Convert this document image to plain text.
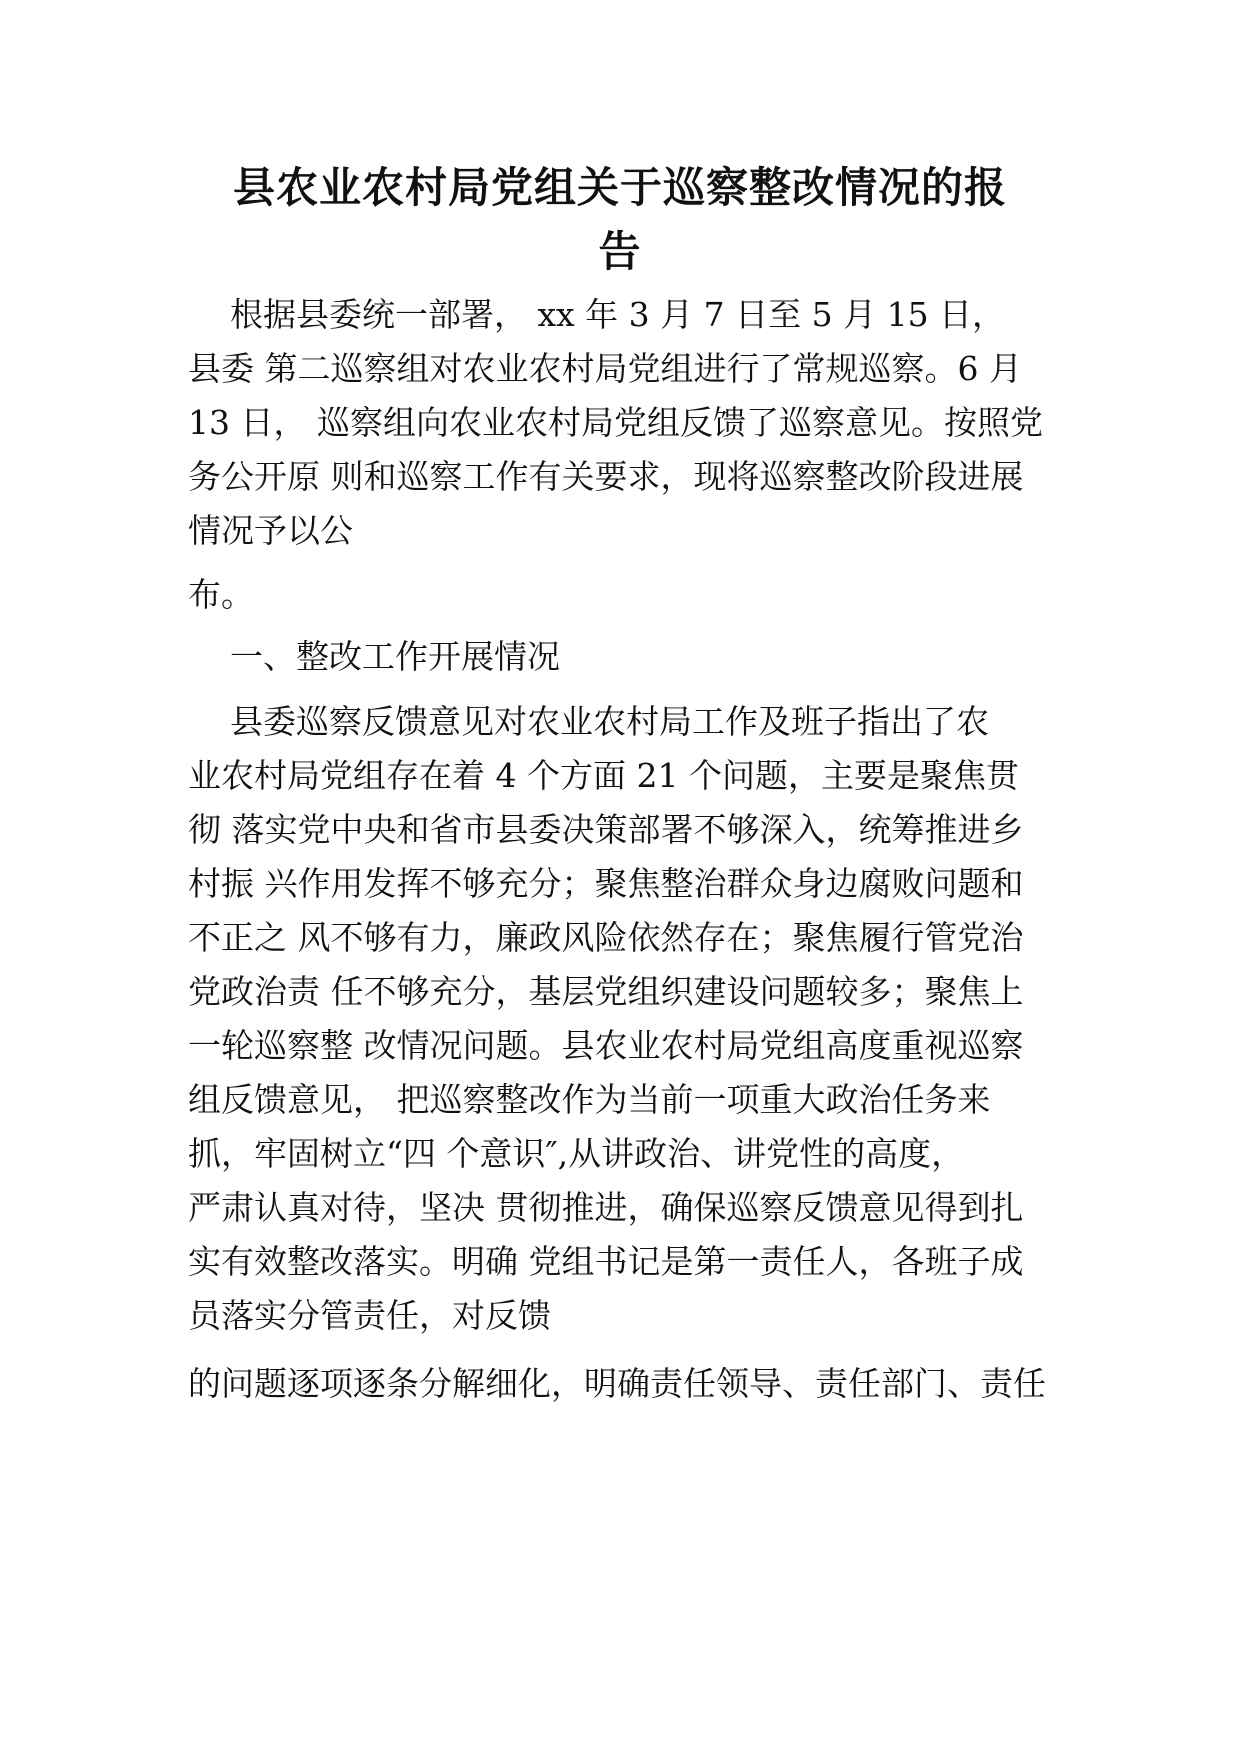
县农业农村局党组关于巡察整改情况的报
告

根据县委统一部署， xx 年 3 月 7 日至 5 月 15 日，

县委 第二巡察组对农业农村局党组进行了常规巡察。6 月

13 日， 巡察组向农业农村局党组反馈了巡察意见。按照党

务公开原 则和巡察工作有关要求，现将巡察整改阶段进展

情况予以公

布。

一、整改工作开展情况

县委巡察反馈意见对农业农村局工作及班子指出了农

业农村局党组存在着 4 个方面 21 个问题，主要是聚焦贯

彻 落实党中央和省市县委决策部署不够深入，统筹推进乡

村振 兴作用发挥不够充分；聚焦整治群众身边腐败问题和

不正之 风不够有力，廉政风险依然存在；聚焦履行管党治

党政治责 任不够充分，基层党组织建设问题较多；聚焦上

一轮巡察整 改情况问题。县农业农村局党组高度重视巡察

组反馈意见， 把巡察整改作为当前一项重大政治任务来

抓，牢固树立“四 个意识″,从讲政治、讲党性的高度，

严肃认真对待，坚决 贯彻推进，确保巡察反馈意见得到扎

实有效整改落实。明确 党组书记是第一责任人，各班子成

员落实分管责任，对反馈

的问题逐项逐条分解细化，明确责任领导、责任部门、责任
